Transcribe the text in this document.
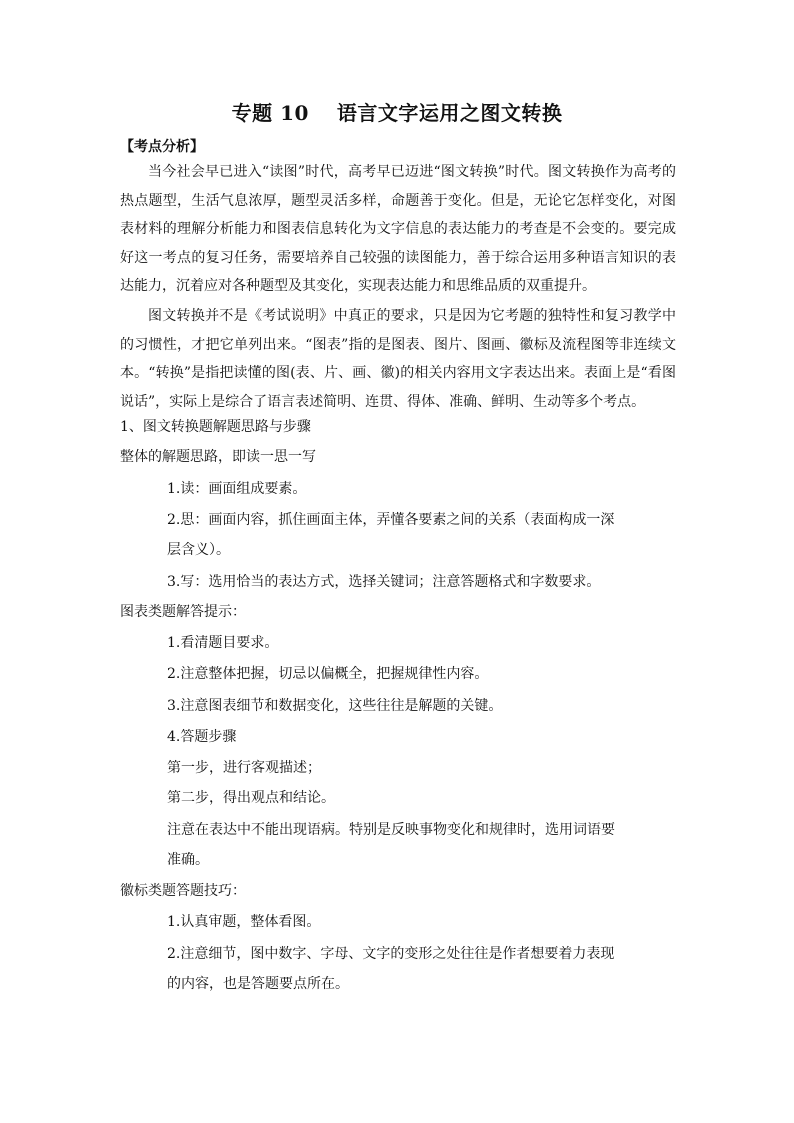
专题 10　 语言文字运用之图文转换
【考点分析】

当今社会早已进入“读图”时代，高考早已迈进“图文转换”时代。图文转换作为高考的热点题型，生活气息浓厚，题型灵活多样，命题善于变化。但是，无论它怎样变化，对图表材料的理解分析能力和图表信息转化为文字信息的表达能力的考查是不会变的。要完成好这一考点的复习任务，需要培养自己较强的读图能力，善于综合运用多种语言知识的表达能力，沉着应对各种题型及其变化，实现表达能力和思维品质的双重提升。

图文转换并不是《考试说明》中真正的要求，只是因为它考题的独特性和复习教学中的习惯性，才把它单列出来。“图表”指的是图表、图片、图画、徽标及流程图等非连续文本。“转换”是指把读懂的图(表、片、画、徽)的相关内容用文字表达出来。表面上是“看图说话”，实际上是综合了语言表述简明、连贯、得体、准确、鲜明、生动等多个考点。

1、图文转换题解题思路与步骤
整体的解题思路，即读一思一写
1.读：画面组成要素。
2.思：画面内容，抓住画面主体，弄懂各要素之间的关系（表面构成一深
层含义）。
3.写：选用恰当的表达方式，选择关键词；注意答题格式和字数要求。
图表类题解答提示：
1.看清题目要求。
2.注意整体把握，切忌以偏概全，把握规律性内容。
3.注意图表细节和数据变化，这些往往是解题的关键。
4.答题步骤
第一步，进行客观描述；
第二步，得出观点和结论。
注意在表达中不能出现语病。特别是反映事物变化和规律时，选用词语要
准确。
徽标类题答题技巧：
1.认真审题，整体看图。
2.注意细节，图中数字、字母、文字的变形之处往往是作者想要着力表现
的内容，也是答题要点所在。
